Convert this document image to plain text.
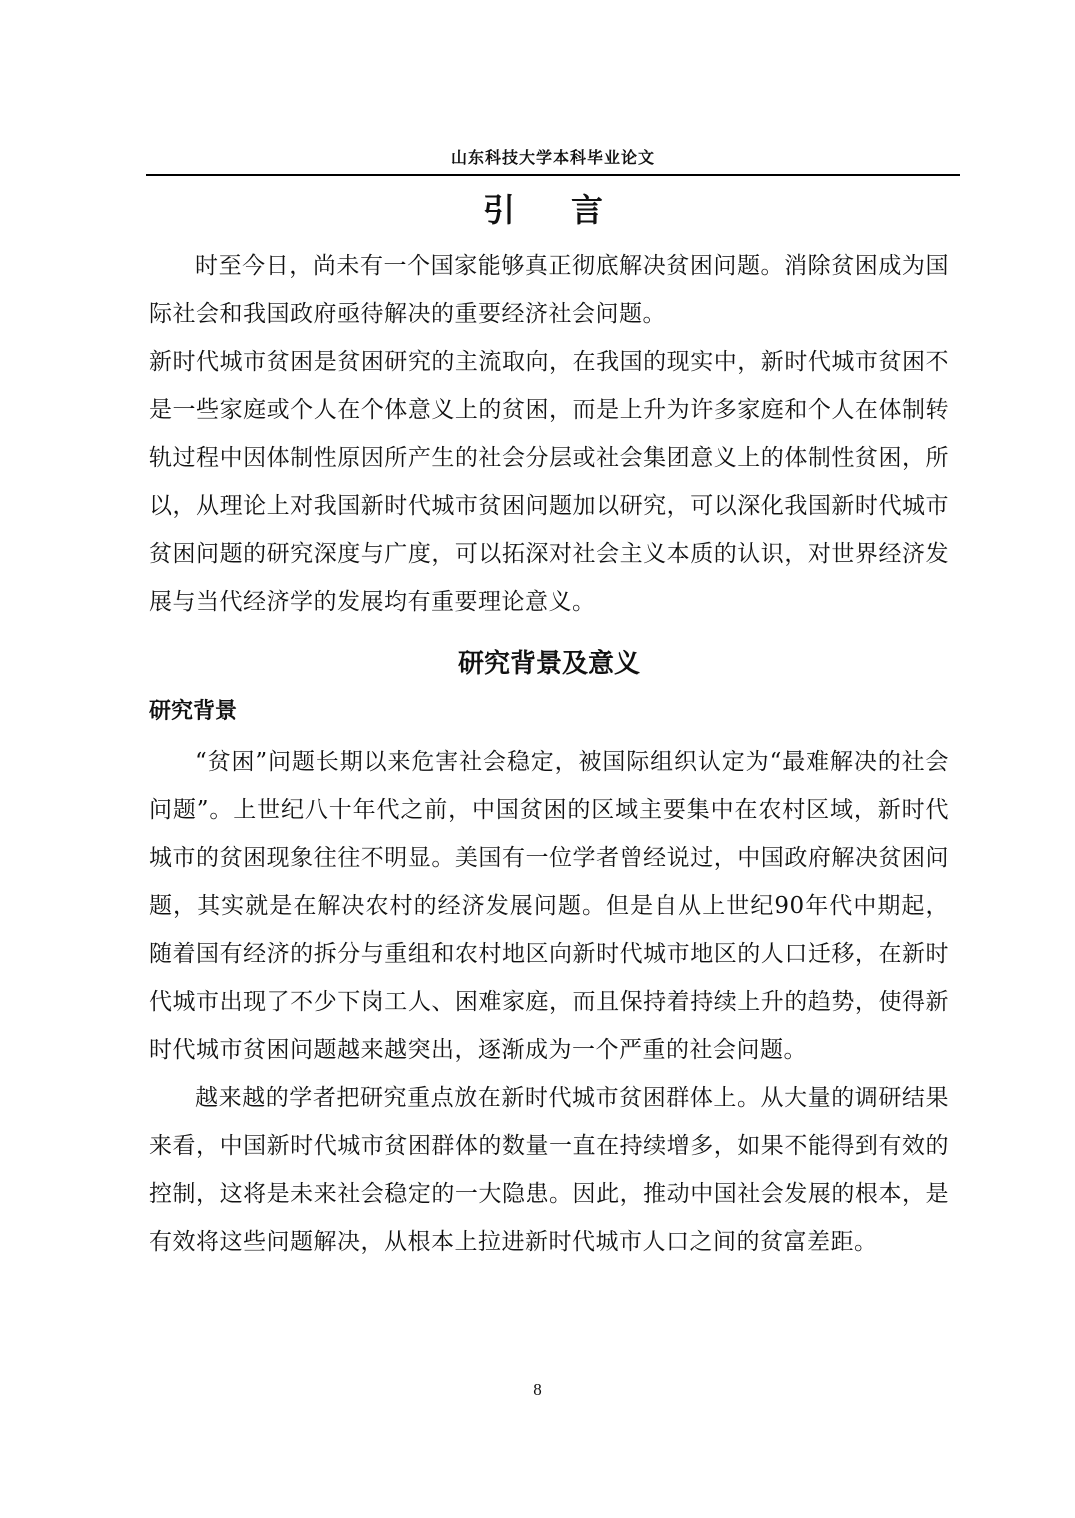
山东科技大学本科毕业论文
引　言

时至今日，尚未有一个国家能够真正彻底解决贫困问题。消除贫困成为国际社会和我国政府亟待解决的重要经济社会问题。

新时代城市贫困是贫困研究的主流取向，在我国的现实中，新时代城市贫困不是一些家庭或个人在个体意义上的贫困，而是上升为许多家庭和个人在体制转轨过程中因体制性原因所产生的社会分层或社会集团意义上的体制性贫困，所以，从理论上对我国新时代城市贫困问题加以研究，可以深化我国新时代城市贫困问题的研究深度与广度，可以拓深对社会主义本质的认识，对世界经济发展与当代经济学的发展均有重要理论意义。

研究背景及意义
研究背景

“贫困”问题长期以来危害社会稳定，被国际组织认定为“最难解决的社会问题”。上世纪八十年代之前，中国贫困的区域主要集中在农村区域，新时代城市的贫困现象往往不明显。美国有一位学者曾经说过，中国政府解决贫困问题，其实就是在解决农村的经济发展问题。但是自从上世纪90年代中期起，随着国有经济的拆分与重组和农村地区向新时代城市地区的人口迁移，在新时代城市出现了不少下岗工人、困难家庭，而且保持着持续上升的趋势，使得新时代城市贫困问题越来越突出，逐渐成为一个严重的社会问题。

越来越的学者把研究重点放在新时代城市贫困群体上。从大量的调研结果来看，中国新时代城市贫困群体的数量一直在持续增多，如果不能得到有效的控制，这将是未来社会稳定的一大隐患。因此，推动中国社会发展的根本，是有效将这些问题解决，从根本上拉进新时代城市人口之间的贫富差距。

8
